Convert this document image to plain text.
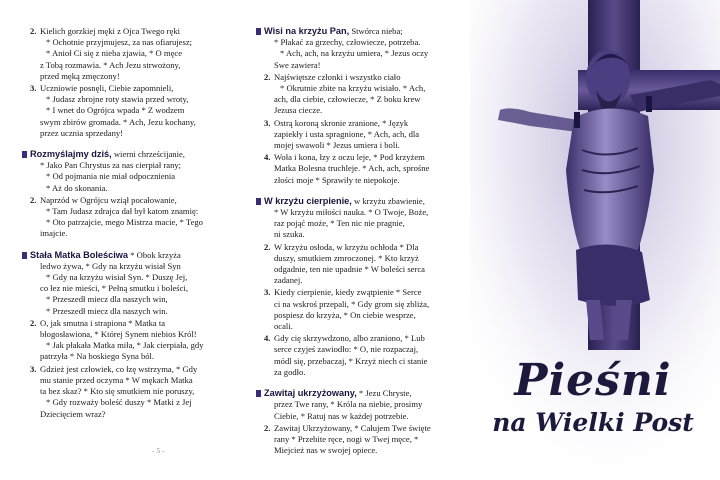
2. Kielich gorzkiej męki z Ojca Twego ręki
* Ochotnie przyjmujesz, za nas ofiarujesz;
* Anioł Ci się z nieba zjawia, * O męce
z Tobą rozmawia. * Ach Jezu strwożony,
przed męką zmęczony!
3. Uczniowie posnęli, Ciebie zapomnieli,
* Judasz zbrojne roty stawia przed wroty,
* I wnet do Ogrójca wpada * Z wodzem
swym zbirów gromada. * Ach, Jezu kochany,
przez ucznia sprzedany!
Rozmyślajmy dziś, wierni chrześcijanie,
* Jako Pan Chrystus za nas cierpiał rany;
* Od pojmania nie miał odpocznienia
* Aż do skonania.
2. Naprzód w Ogrójcu wziął pocałowanie,
* Tam Judasz zdrajca dał był katom znamię:
* Oto patrzajcie, mego Mistrza macie, * Tego
imajcie.
Stała Matka Boleściwa * Obok krzyża
ledwo żywa, * Gdy na krzyżu wisiał Syn
* Gdy na krzyżu wisiał Syn. * Duszę Jej,
co łez nie mieści, * Pełną smutku i boleści,
* Przeszedł miecz dla naszych win,
* Przeszedł miecz dla naszych win.
2. O, jak smutna i strapiona * Matka ta
błogosławiona, * Której Synem niebios Król!
* Jak płakała Matka miła, * Jak cierpiała, gdy
patrzyła * Na boskiego Syna ból.
3. Gdzież jest człowiek, co łzę wstrzyma, * Gdy
mu stanie przed oczyma * W mękach Matka
ta bez skaz? * Kto się smutkiem nie poruszy,
* Gdy rozważy boleść duszy * Matki z Jej
Dziecięciem wraz?
Wisi na krzyżu Pan, Stwórca nieba;
* Płakać za grzechy, człowiecze, potrzeba.
* Ach, ach, na krzyżu umiera, * Jezus oczy
Swe zawiera!
2. Najświętsze członki i wszystko ciało
* Okrutnie zbite na krzyżu wisiało. * Ach,
ach, dla ciebie, człowiecze, * Z boku krew
Jezusa ciecze.
3. Ostrą koroną skronie zranione, * Język
zapiekły i usta spragnione, * Ach, ach, dla
mojej swawoli * Jezus umiera i boli.
4. Woła i kona, łzy z oczu leje, * Pod krzyżem
Matka Bolesna truchleje. * Ach, ach, sprośne
złości moje * Sprawiły te niepokoje.
W krzyżu cierpienie, w krzyżu zbawienie,
* W krzyżu miłości nauka. * O Twoje, Boże,
raz pojąć może, * Ten nic nie pragnie,
ni szuka.
2. W krzyżu osłoda, w krzyżu ochłoda * Dla
duszy, smutkiem zmroczonej. * Kto krzyż
odgadnie, ten nie upadnie * W boleści serca
zadanej.
3. Kiedy cierpienie, kiedy zwątpienie * Serce
ci na wskroś przepali, * Gdy grom się zbliża,
pospiesz do krzyża, * On ciebie wesprze,
ocali.
4. Gdy cię skrzywdzono, albo zraniono, * Lub
serce czyjeś zawiodło: * O, nie rozpaczaj,
módl się, przebaczaj, * Krzyż niech ci stanie
za godło.
Zawitaj ukrzyżowany, * Jezu Chryste,
przez Twe rany, * Króla na niebie, prosimy
Ciebie, * Ratuj nas w każdej potrzebie.
2. Zawitaj Ukrzyżowany, * Całujem Twe święte
rany * Przebite ręce, nogi w Twej męce, *
Miejcież nas w swojej opiece.
- 5 -
Pieśni
na Wielki Post
